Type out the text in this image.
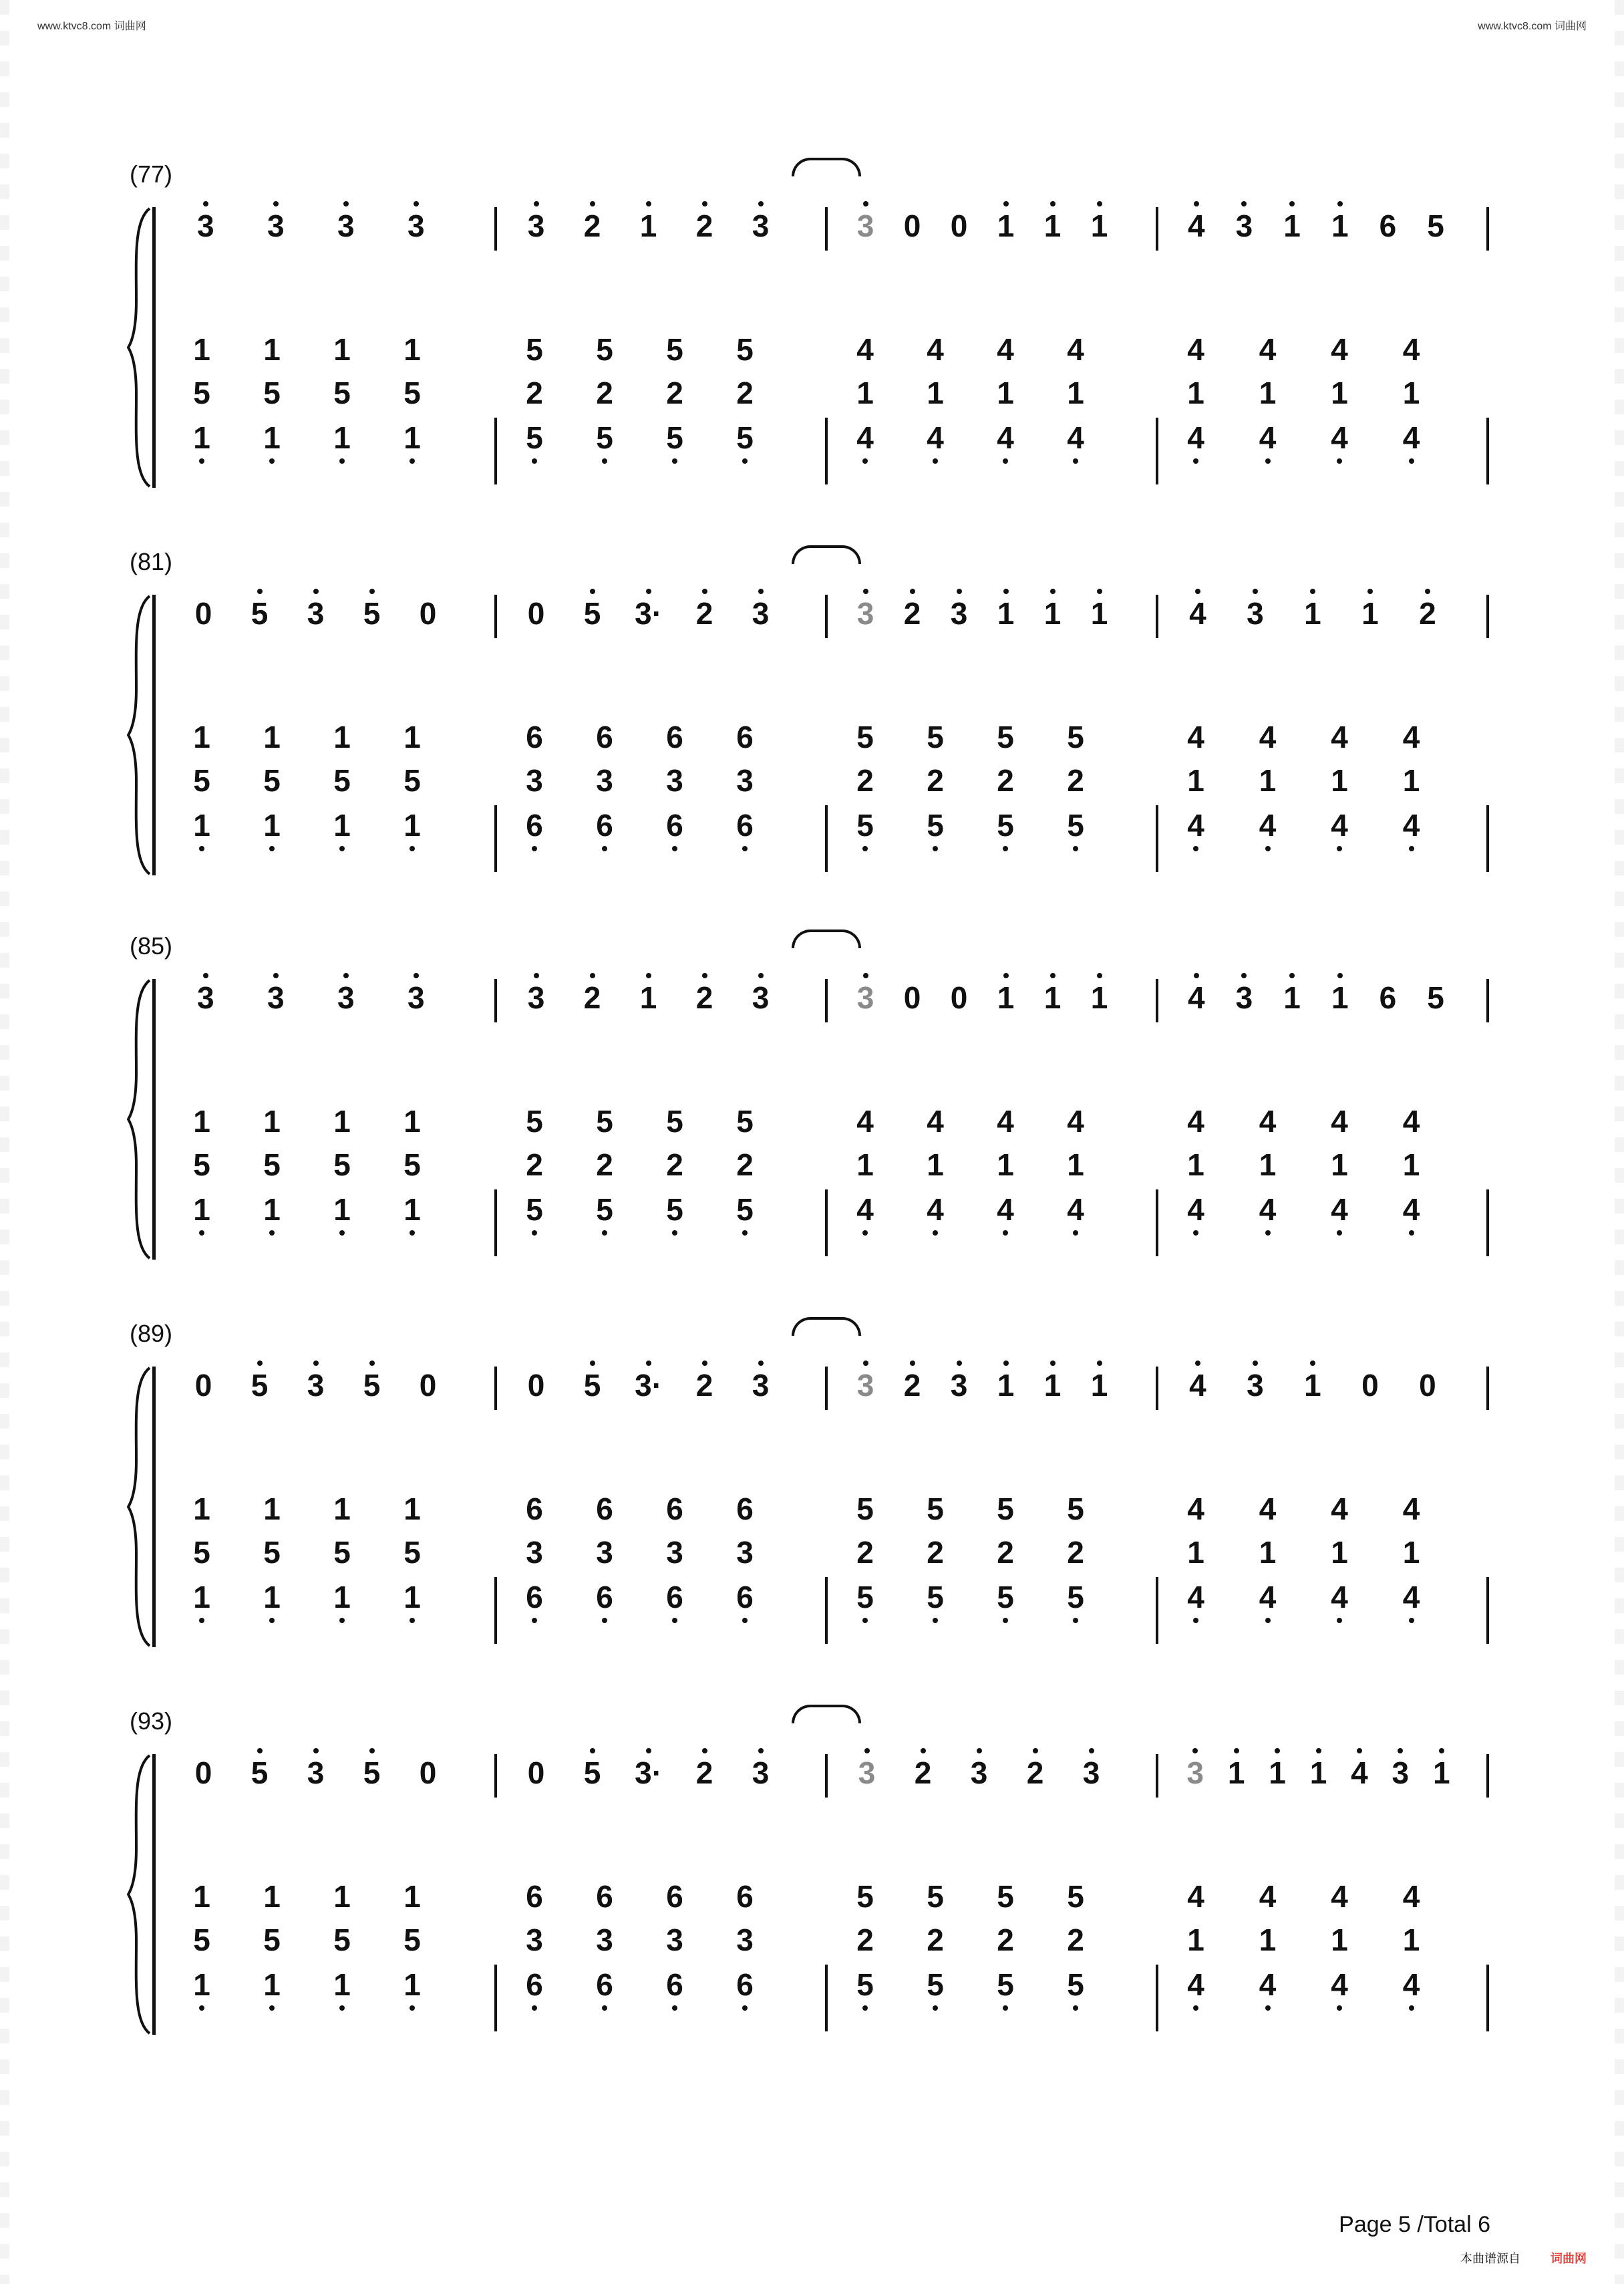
www.ktvc8.com 词曲网	www.ktvc8.com 词曲网
(77)
3 3 3 3	3 2 1 2 3	3 0 0 1 1 1	4 3 1 1 6 5
1 1 1 1	5 5 5 5	4 4 4 4	4 4 4 4
5 5 5 5	2 2 2 2	1 1 1 1	1 1 1 1
1 1 1 1	5 5 5 5	4 4 4 4	4 4 4 4
(81)
0 5 3 5 0	0 5 3· 2 3	3 2 3 1 1 1	4 3 1 1 2
1 1 1 1	6 6 6 6	5 5 5 5	4 4 4 4
5 5 5 5	3 3 3 3	2 2 2 2	1 1 1 1
1 1 1 1	6 6 6 6	5 5 5 5	4 4 4 4
(85)
3 3 3 3	3 2 1 2 3	3 0 0 1 1 1	4 3 1 1 6 5
1 1 1 1	5 5 5 5	4 4 4 4	4 4 4 4
5 5 5 5	2 2 2 2	1 1 1 1	1 1 1 1
1 1 1 1	5 5 5 5	4 4 4 4	4 4 4 4
(89)
0 5 3 5 0	0 5 3· 2 3	3 2 3 1 1 1	4 3 1 0 0
1 1 1 1	6 6 6 6	5 5 5 5	4 4 4 4
5 5 5 5	3 3 3 3	2 2 2 2	1 1 1 1
1 1 1 1	6 6 6 6	5 5 5 5	4 4 4 4
(93)
0 5 3 5 0	0 5 3· 2 3	3 2 3 2 3	3 1 1 1 4 3 1
1 1 1 1	6 6 6 6	5 5 5 5	4 4 4 4
5 5 5 5	3 3 3 3	2 2 2 2	1 1 1 1
1 1 1 1	6 6 6 6	5 5 5 5	4 4 4 4
Page 5 /Total 6
本曲谱源自	词曲网
